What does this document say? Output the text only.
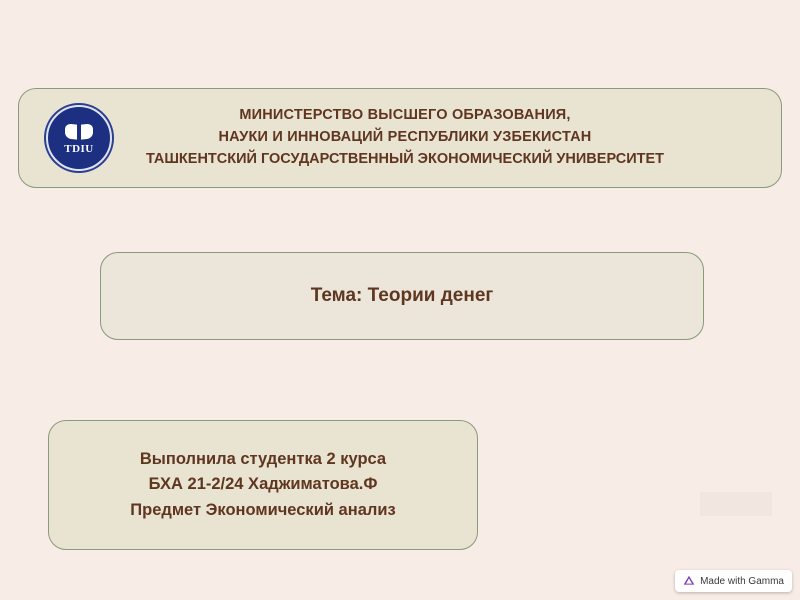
TDIU
МИНИСТЕРСТВО ВЫСШЕГО ОБРАЗОВАНИЯ,
НАУКИ И ИННОВАЦИЙ РЕСПУБЛИКИ УЗБЕКИСТАН
ТАШКЕНТСКИЙ ГОСУДАРСТВЕННЫЙ ЭКОНОМИЧЕСКИЙ УНИВЕРСИТЕТ
Тема: Теории денег
Выполнила студентка 2 курса
БХА 21-2/24 Хаджиматова.Ф
Предмет Экономический анализ
Made with Gamma
